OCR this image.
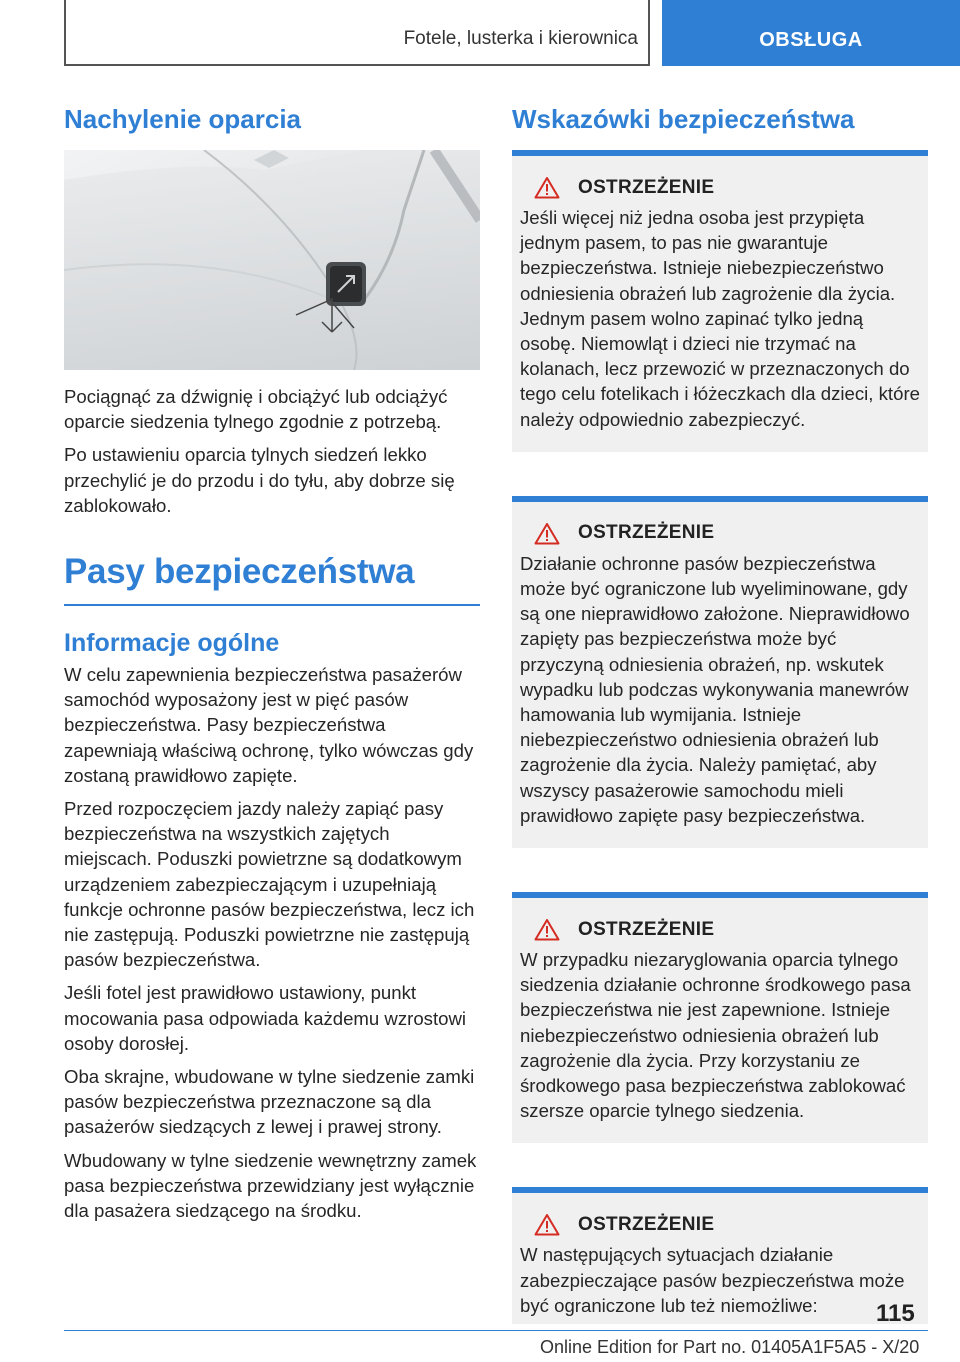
Fotele, lusterka i kierownica	OBSŁUGA
Nachylenie oparcia

Pociągnąć za dźwignię i obciążyć lub odciążyć oparcie siedzenia tylnego zgodnie z potrzebą.

Po ustawieniu oparcia tylnych siedzeń lekko przechylić je do przodu i do tyłu, aby dobrze się zablokowało.

Pasy bezpieczeństwa
Informacje ogólne

W celu zapewnienia bezpieczeństwa pasażerów samochód wyposażony jest w pięć pasów bezpieczeństwa. Pasy bezpieczeństwa zapewniają właściwą ochronę, tylko wówczas gdy zostaną prawidłowo zapięte.

Przed rozpoczęciem jazdy należy zapiąć pasy bezpieczeństwa na wszystkich zajętych miejscach. Poduszki powietrzne są dodatkowym urządzeniem zabezpieczającym i uzupełniają funkcje ochronne pasów bezpieczeństwa, lecz ich nie zastępują. Poduszki powietrzne nie zastępują pasów bezpieczeństwa.

Jeśli fotel jest prawidłowo ustawiony, punkt mocowania pasa odpowiada każdemu wzrostowi osoby dorosłej.

Oba skrajne, wbudowane w tylne siedzenie zamki pasów bezpieczeństwa przeznaczone są dla pasażerów siedzących z lewej i prawej strony.

Wbudowany w tylne siedzenie wewnętrzny zamek pasa bezpieczeństwa przewidziany jest wyłącznie dla pasażera siedzącego na środku.

Wskazówki bezpieczeństwa
OSTRZEŻENIE
Jeśli więcej niż jedna osoba jest przypięta jednym pasem, to pas nie gwarantuje bezpieczeństwa. Istnieje niebezpieczeństwo odniesienia obrażeń lub zagrożenie dla życia. Jednym pasem wolno zapinać tylko jedną osobę. Niemowląt i dzieci nie trzymać na kolanach, lecz przewozić w przeznaczonych do tego celu fotelikach i łóżeczkach dla dzieci, które należy odpowiednio zabezpieczyć.
OSTRZEŻENIE
Działanie ochronne pasów bezpieczeństwa może być ograniczone lub wyeliminowane, gdy są one nieprawidłowo założone. Nieprawidłowo zapięty pas bezpieczeństwa może być przyczyną odniesienia obrażeń, np. wskutek wypadku lub podczas wykonywania manewrów hamowania lub wymijania. Istnieje niebezpieczeństwo odniesienia obrażeń lub zagrożenie dla życia. Należy pamiętać, aby wszyscy pasażerowie samochodu mieli prawidłowo zapięte pasy bezpieczeństwa.
OSTRZEŻENIE
W przypadku niezaryglowania oparcia tylnego siedzenia działanie ochronne środkowego pasa bezpieczeństwa nie jest zapewnione. Istnieje niebezpieczeństwo odniesienia obrażeń lub zagrożenie dla życia. Przy korzystaniu ze środkowego pasa bezpieczeństwa zablokować szersze oparcie tylnego siedzenia.
OSTRZEŻENIE
W następujących sytuacjach działanie zabezpieczające pasów bezpieczeństwa może być ograniczone lub też niemożliwe:	115
Online Edition for Part no. 01405A1F5A5 - X/20
